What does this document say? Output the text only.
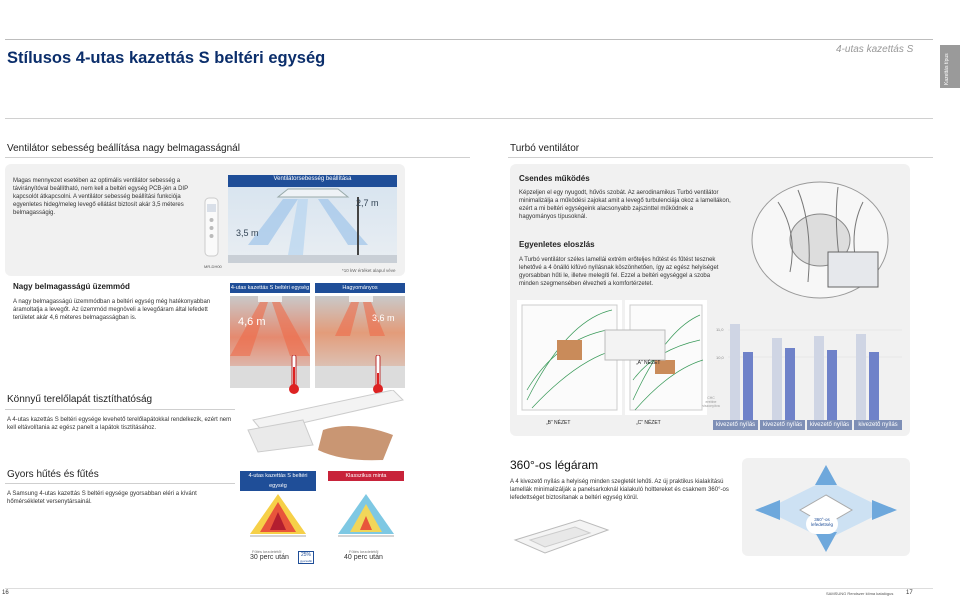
Stílusos 4-utas kazettás S beltéri egység	4-utas kazettás S
Kazettás típus
Ventilátor sebesség beállítása nagy belmagasságnál
Magas mennyezet esetében az optimális ventilátor sebesség a távirányítóval beállítható, nem kell a beltéri egység PCB-jén a DIP kapcsolót átkapcsolni. A ventilátor sebesség beállítási funkciója egyenletes hideg/meleg levegő ellátást biztosít akár 3,5 méteres belmagasságig.
MR-DH00
Ventilátorsebesség beállítása
3,5 m
2,7 m
*10 kW értéket alapul véve
Nagy belmagasságú üzemmód
A nagy belmagasságú üzemmódban a beltéri egység még hatékonyabban áramoltatja a levegőt. Az üzemmód megnöveli a levegőáram által lefedett területet akár 4,6 méteres belmagasságban is.
4-utas kazettás S beltéri egység	Hagyományos
4,6 m	3,6 m
Könnyű terelőlapát tisztíthatóság
A 4-utas kazettás S beltéri egysége levehető terelőlapátokkal rendelkezik, ezért nem kell eltávolítania az egész panelt a lapátok tisztításához.
Gyors hűtés és fűtés
A Samsung 4-utas kazettás S beltéri egysége gyorsabban eléri a kívánt hőmérsékletet versenytársainál.
4-utas kazettás S beltéri egység
Klasszikus minta
Fűtés kezdetétől
30 perc után	25%
gyorsabb
Fűtés kezdetétől
40 perc után
Turbó ventilátor
Csendes működés
Képzeljen el egy nyugodt, hűvös szobát. Az aerodinamikus Turbó ventilátor minimalizálja a működési zajokat amit a levegő turbulenciája okoz a lamellákon, ezért a mi beltéri egységeink alacsonyabb zajszinttel működnek a hagyományos típusoknál.
Egyenletes eloszlás
A Turbó ventilátor széles lamellái extrém erőteljes hűtést és fűtést tesznek lehetővé a 4 önálló kifúvó nyílásnak köszönhetően, így az egész helyiséget gyorsabban hűti le, illetve melegíti fel. Ezzel a beltéri egységgel a szoba minden szegmensében élvezheti a komfortérzetet.
„A” NÉZET
„B” NÉZET	„C” NÉZET
11,0
10,0
CHC
erebbe
viszonyítva
kivezető nyílás	kivezető nyílás	kivezető nyílás	kivezető nyílás
360°-os légáram
A 4 kivezető nyílás a helyiség minden szegletét lehűti. Az új praktikus kialakítású lamellák minimalizálják a panelsarkoknál kialakuló holttereket és csaknem 360°-os lefedettséget biztosítanak a beltéri egység körül.
360°-os lefedettség
16	SAMSUNG Rendszer klíma katalógus 17
